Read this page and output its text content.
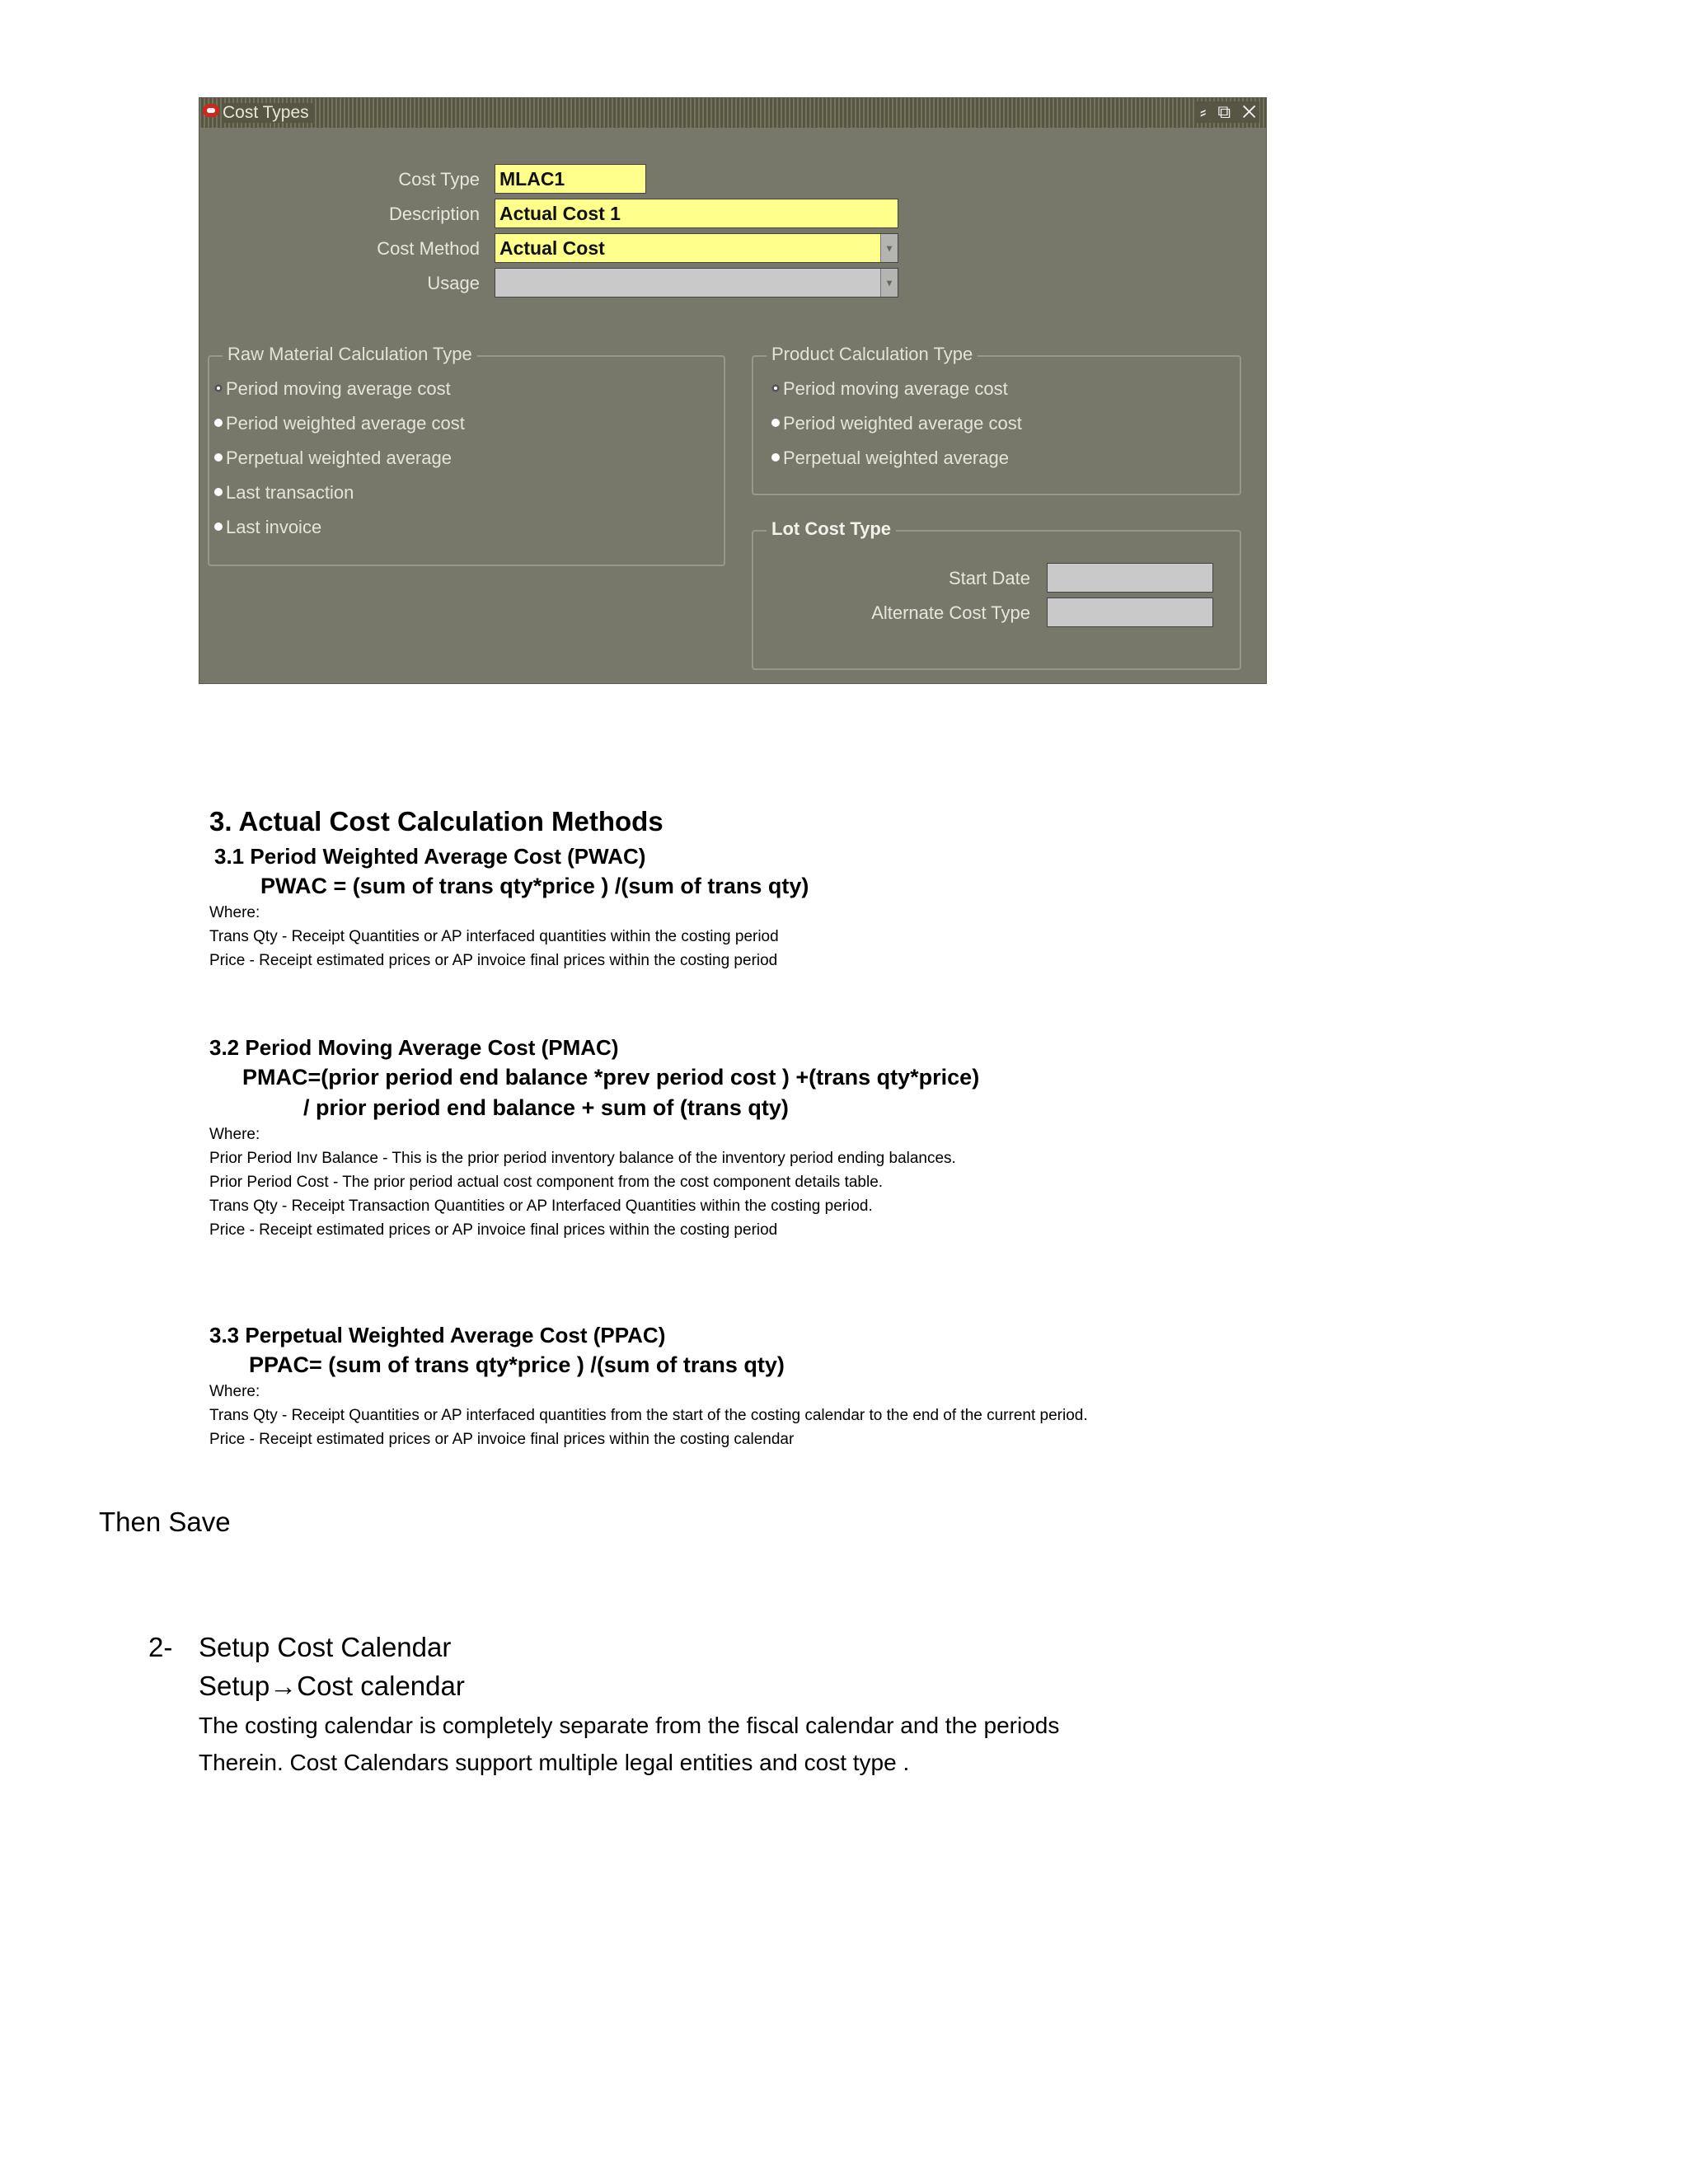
Cost Types	⸗ ⧉ ✕
Cost Type MLAC1
Description Actual Cost 1
Cost Method Actual Cost	▾
Usage	▾
Raw Material Calculation Type
Period moving average cost
Period weighted average cost
Perpetual weighted average
Last transaction
Last invoice
Product Calculation Type
Period moving average cost
Period weighted average cost
Perpetual weighted average
Lot Cost Type
Start Date
Alternate Cost Type
3. Actual Cost Calculation Methods
3.1 Period Weighted Average Cost (PWAC)
PWAC = (sum of trans qty*price ) /(sum of trans qty)
Where:
Trans Qty - Receipt Quantities or AP interfaced quantities within the costing period
Price - Receipt estimated prices or AP invoice final prices within the costing period
3.2 Period Moving Average Cost (PMAC)
PMAC=(prior period end balance *prev period cost ) +(trans qty*price)
/ prior period end balance + sum of (trans qty)
Where:
Prior Period Inv Balance - This is the prior period inventory balance of the inventory period ending balances.
Prior Period Cost - The prior period actual cost component from the cost component details table.
Trans Qty - Receipt Transaction Quantities or AP Interfaced Quantities within the costing period.
Price - Receipt estimated prices or AP invoice final prices within the costing period
3.3 Perpetual Weighted Average Cost (PPAC)
PPAC= (sum of trans qty*price ) /(sum of trans qty)
Where:
Trans Qty - Receipt Quantities or AP interfaced quantities from the start of the costing calendar to the end of the current period.
Price - Receipt estimated prices or AP invoice final prices within the costing calendar
Then Save
2- Setup Cost Calendar
Setup→Cost calendar
The costing calendar is completely separate from the fiscal calendar and the periods
Therein. Cost Calendars support multiple legal entities and cost type .
